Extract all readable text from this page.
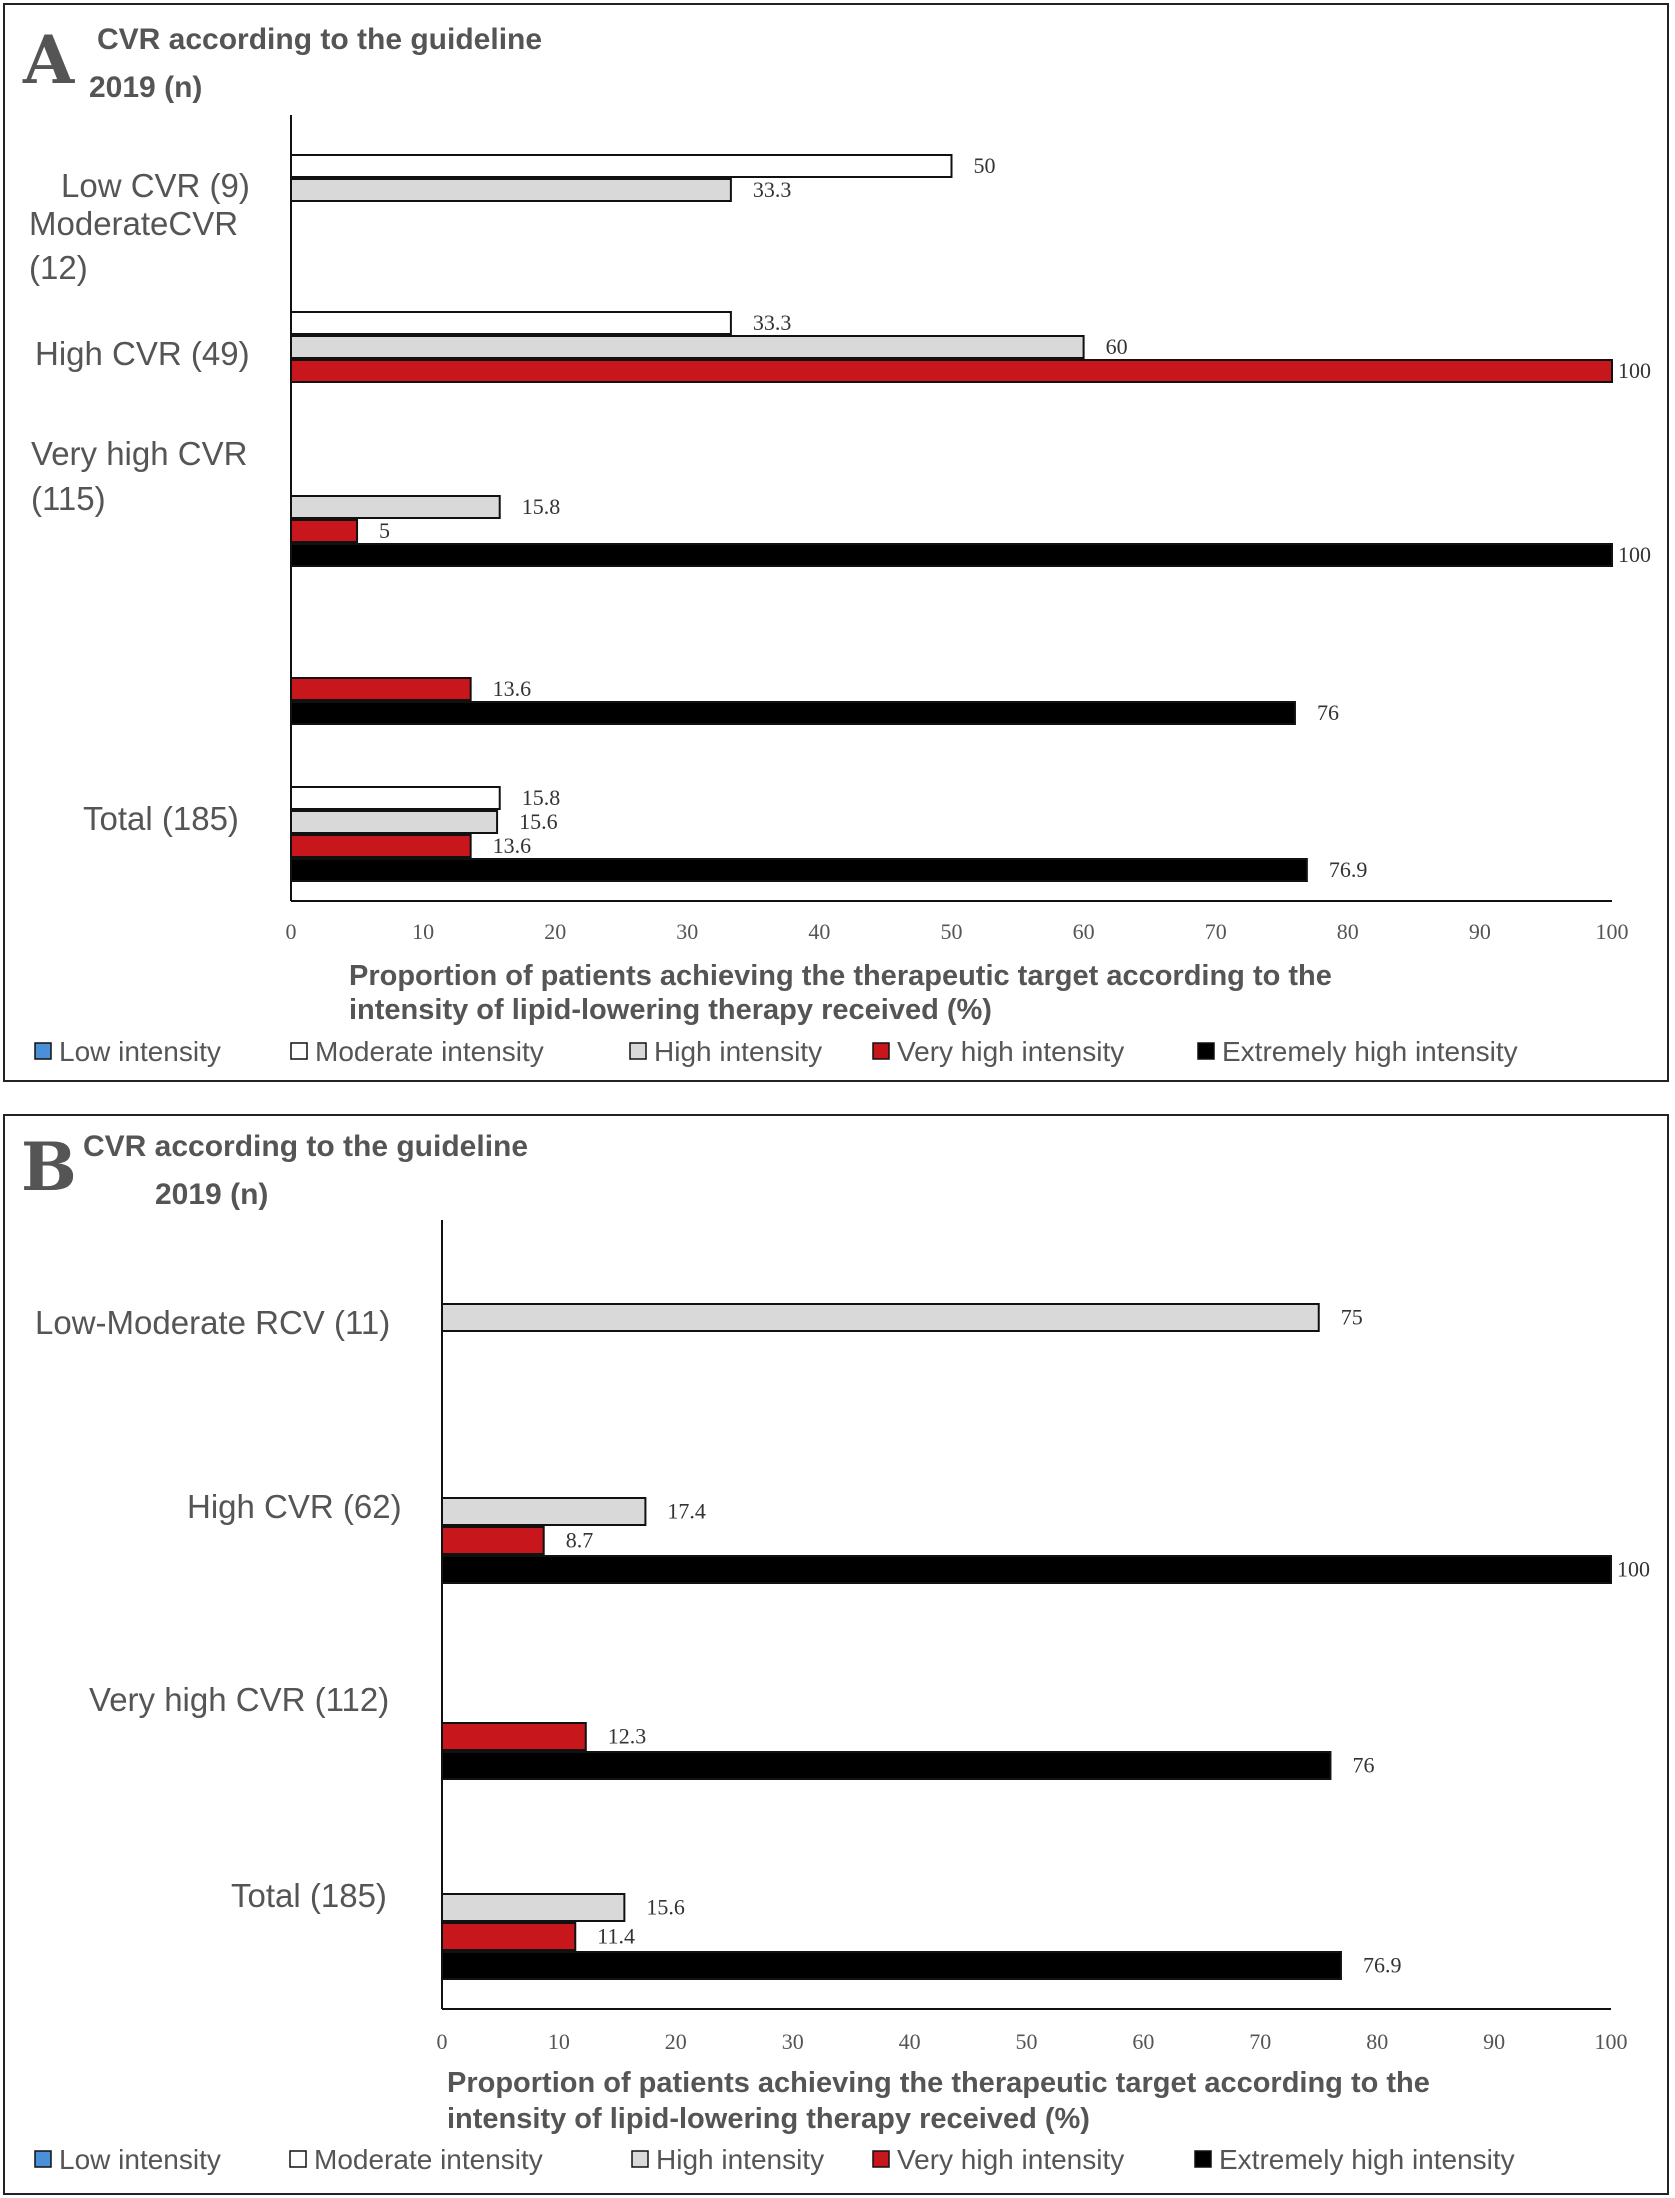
A CVR according to the guideline
2019 (n)
0	10	20	30	40	50	60	70	80	90	100
Proportion of patients achieving the therapeutic target according to the
intensity of lipid-lowering therapy received (%)
Low CVR (9)
50
33.3
ModerateCVR
(12)
33.3
60
100
High CVR (49)
15.8
5
100
Very high CVR
(115)
13.6
76
Total (185)
15.8
15.6
13.6
76.9
Low intensity	Moderate intensity	High intensity	Very high intensity	Extremely high intensity
B CVR according to the guideline
2019 (n)
0	10	20	30	40	50	60	70	80	90	100
Proportion of patients achieving the therapeutic target according to the
intensity of lipid-lowering therapy received (%)
Low-Moderate RCV (11)	75
High CVR (62)	17.4
8.7
100
Very high CVR (112)
12.3
76
Total (185)	15.6
11.4
76.9
Low intensity	Moderate intensity	High intensity	Very high intensity	Extremely high intensity
